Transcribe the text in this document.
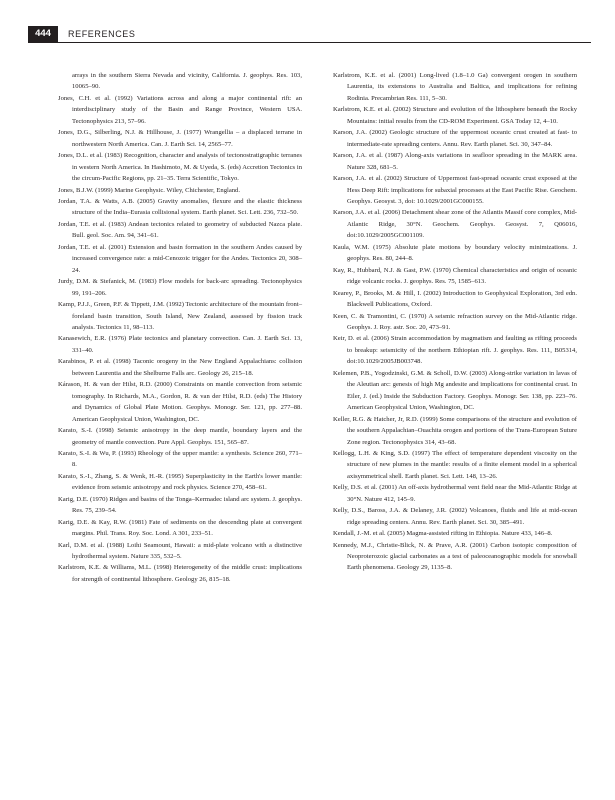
444	REFERENCES

arrays in the southern Sierra Nevada and vicinity, California. J. geophys. Res. 103, 10065–90.

Jones, C.H. et al. (1992) Variations across and along a major continental rift: an interdisciplinary study of the Basin and Range Province, Western USA. Tectonophysics 213, 57–96.

Jones, D.G., Silberling, N.J. & Hillhouse, J. (1977) Wrangellia – a displaced terrane in northwestern North America. Can. J. Earth Sci. 14, 2565–77.

Jones, D.L. et al. (1983) Recognition, character and analysis of tectonostratigraphic terranes in western North America. In Hashimoto, M. & Uyeda, S. (eds) Accretion Tectonics in the circum-Pacific Regions, pp. 21–35. Terra Scientific, Tokyo.

Jones, B.J.W. (1999) Marine Geophysic. Wiley, Chichester, England.

Jordan, T.A. & Watts, A.B. (2005) Gravity anomalies, flexure and the elastic thickness structure of the India–Eurasia collisional system. Earth planet. Sci. Lett. 236, 732–50.

Jordan, T.E. et al. (1983) Andean tectonics related to geometry of subducted Nazca plate. Bull. geol. Soc. Am. 94, 341–61.

Jordan, T.E. et al. (2001) Extension and basin formation in the southern Andes caused by increased convergence rate: a mid-Cenozoic trigger for the Andes. Tectonics 20, 308–24.

Jurdy, D.M. & Stefanick, M. (1983) Flow models for back-arc spreading. Tectonophysics 99, 191–206.

Kamp, P.J.J., Green, P.F. & Tippett, J.M. (1992) Tectonic architecture of the mountain front–foreland basin transition, South Island, New Zealand, assessed by fission track analysis. Tectonics 11, 98–113.

Kanasewich, E.R. (1976) Plate tectonics and planetary convection. Can. J. Earth Sci. 13, 331–40.

Karabinos, P. et al. (1998) Taconic orogeny in the New England Appalachians: collision between Laurentia and the Shelburne Falls arc. Geology 26, 215–18.

Kárason, H. & van der Hilst, R.D. (2000) Constraints on mantle convection from seismic tomography. In Richards, M.A., Gordon, R. & van der Hilst, R.D. (eds) The History and Dynamics of Global Plate Motion. Geophys. Monogr. Ser. 121, pp. 277–88. American Geophysical Union, Washington, DC.

Karato, S.-I. (1998) Seismic anisotropy in the deep mantle, boundary layers and the geometry of mantle convection. Pure Appl. Geophys. 151, 565–87.

Karato, S.-I. & Wu, P. (1993) Rheology of the upper mantle: a synthesis. Science 260, 771–8.

Karato, S.-I., Zhang, S. & Wenk, H.-R. (1995) Superplasticity in the Earth's lower mantle: evidence from seismic anisotropy and rock physics. Science 270, 458–61.

Karig, D.E. (1970) Ridges and basins of the Tonga–Kermadec island arc system. J. geophys. Res. 75, 239–54.

Karig, D.E. & Kay, R.W. (1981) Fate of sediments on the descending plate at convergent margins. Phil. Trans. Roy. Soc. Lond. A 301, 233–51.

Karl, D.M. et al. (1988) Loihi Seamount, Hawaii: a mid-plate volcano with a distinctive hydrothermal system. Nature 335, 532–5.

Karlstrom, K.E. & Williams, M.L. (1998) Heterogeneity of the middle crust: implications for strength of continental lithosphere. Geology 26, 815–18.

Karlstrom, K.E. et al. (2001) Long-lived (1.8–1.0 Ga) convergent orogen in southern Laurentia, its extensions to Australia and Baltica, and implications for refining Rodinia. Precambrian Res. 111, 5–30.

Karlstrom, K.E. et al. (2002) Structure and evolution of the lithosphere beneath the Rocky Mountains: initial results from the CD-ROM Experiment. GSA Today 12, 4–10.

Karson, J.A. (2002) Geologic structure of the uppermost oceanic crust created at fast- to intermediate-rate spreading centers. Annu. Rev. Earth planet. Sci. 30, 347–84.

Karson, J.A. et al. (1987) Along-axis variations in seafloor spreading in the MARK area. Nature 328, 681–5.

Karson, J.A. et al. (2002) Structure of Uppermost fast-spread oceanic crust exposed at the Hess Deep Rift: implications for subaxial processes at the East Pacific Rise. Geochem. Geophys. Geosyst. 3, doi: 10.1029/2001GC000155.

Karson, J.A. et al. (2006) Detachment shear zone of the Atlantis Massif core complex, Mid-Atlantic Ridge, 30°N. Geochem. Geophys. Geosyst. 7, Q06016, doi:10.1029/2005GC001109.

Kaula, W.M. (1975) Absolute plate motions by boundary velocity minimizations. J. geophys. Res. 80, 244–8.

Kay, R., Hubbard, N.J. & Gast, P.W. (1970) Chemical characteristics and origin of oceanic ridge volcanic rocks. J. geophys. Res. 75, 1585–613.

Kearey, P., Brooks, M. & Hill, I. (2002) Introduction to Geophysical Exploration, 3rd edn. Blackwell Publications, Oxford.

Keen, C. & Tramontini, C. (1970) A seismic refraction survey on the Mid-Atlantic ridge. Geophys. J. Roy. astr. Soc. 20, 473–91.

Keir, D. et al. (2006) Strain accommodation by magmatism and faulting as rifting proceeds to breakup: seismicity of the northern Ethiopian rift. J. geophys. Res. 111, B05314, doi:10.1029/2005JB003748.

Kelemen, P.B., Yogodzinski, G.M. & Scholl, D.W. (2003) Along-strike variation in lavas of the Aleutian arc: genesis of high Mg andesite and implications for continental crust. In Eiler, J. (ed.) Inside the Subduction Factory. Geophys. Monogr. Ser. 138, pp. 223–76. American Geophysical Union, Washington, DC.

Keller, R.G. & Hatcher, Jr, R.D. (1999) Some comparisons of the structure and evolution of the southern Appalachian–Ouachita orogen and portions of the Trans-European Suture Zone region. Tectonophysics 314, 43–68.

Kellogg, L.H. & King, S.D. (1997) The effect of temperature dependent viscosity on the structure of new plumes in the mantle: results of a finite element model in a spherical axisymmetrical shell. Earth planet. Sci. Lett. 148, 13–26.

Kelly, D.S. et al. (2001) An off-axis hydrothermal vent field near the Mid-Atlantic Ridge at 30°N. Nature 412, 145–9.

Kelly, D.S., Baross, J.A. & Delaney, J.R. (2002) Volcanoes, fluids and life at mid-ocean ridge spreading centers. Annu. Rev. Earth planet. Sci. 30, 385–491.

Kendall, J.-M. et al. (2005) Magma-assisted rifting in Ethiopia. Nature 433, 146–8.

Kennedy, M.J., Christie-Blick, N. & Prave, A.R. (2001) Carbon isotopic composition of Neoproterozoic glacial carbonates as a test of paleoceanographic models for snowball Earth phenomena. Geology 29, 1135–8.
